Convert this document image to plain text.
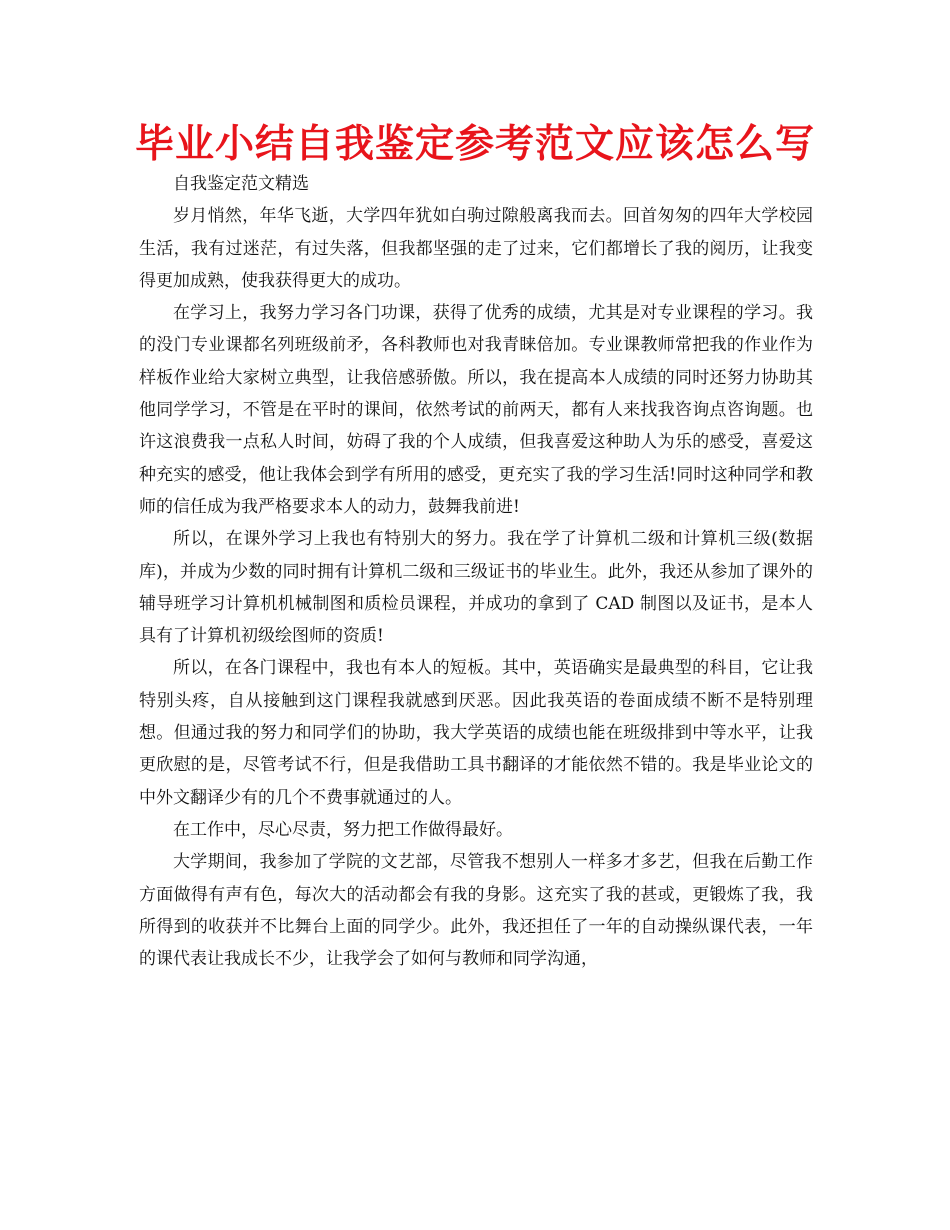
毕业小结自我鉴定参考范文应该怎么写

自我鉴定范文精选

岁月悄然，年华飞逝，大学四年犹如白驹过隙般离我而去。回首匆匆的四年大学校园生活，我有过迷茫，有过失落，但我都坚强的走了过来，它们都增长了我的阅历，让我变得更加成熟，使我获得更大的成功。

在学习上，我努力学习各门功课，获得了优秀的成绩，尤其是对专业课程的学习。我的没门专业课都名列班级前矛，各科教师也对我青睐倍加。专业课教师常把我的作业作为样板作业给大家树立典型，让我倍感骄傲。所以，我在提高本人成绩的同时还努力协助其他同学学习，不管是在平时的课间，依然考试的前两天，都有人来找我咨询点咨询题。也许这浪费我一点私人时间，妨碍了我的个人成绩，但我喜爱这种助人为乐的感受，喜爱这种充实的感受，他让我体会到学有所用的感受，更充实了我的学习生活!同时这种同学和教师的信任成为我严格要求本人的动力，鼓舞我前进!

所以，在课外学习上我也有特别大的努力。我在学了计算机二级和计算机三级(数据库)，并成为少数的同时拥有计算机二级和三级证书的毕业生。此外，我还从参加了课外的辅导班学习计算机机械制图和质检员课程，并成功的拿到了 CAD 制图以及证书，是本人具有了计算机初级绘图师的资质!

所以，在各门课程中，我也有本人的短板。其中，英语确实是最典型的科目，它让我特别头疼，自从接触到这门课程我就感到厌恶。因此我英语的卷面成绩不断不是特别理想。但通过我的努力和同学们的协助，我大学英语的成绩也能在班级排到中等水平，让我更欣慰的是，尽管考试不行，但是我借助工具书翻译的才能依然不错的。我是毕业论文的中外文翻译少有的几个不费事就通过的人。

在工作中，尽心尽责，努力把工作做得最好。

大学期间，我参加了学院的文艺部，尽管我不想别人一样多才多艺，但我在后勤工作方面做得有声有色，每次大的活动都会有我的身影。这充实了我的甚或，更锻炼了我，我所得到的收获并不比舞台上面的同学少。此外，我还担任了一年的自动操纵课代表，一年的课代表让我成长不少，让我学会了如何与教师和同学沟通，
